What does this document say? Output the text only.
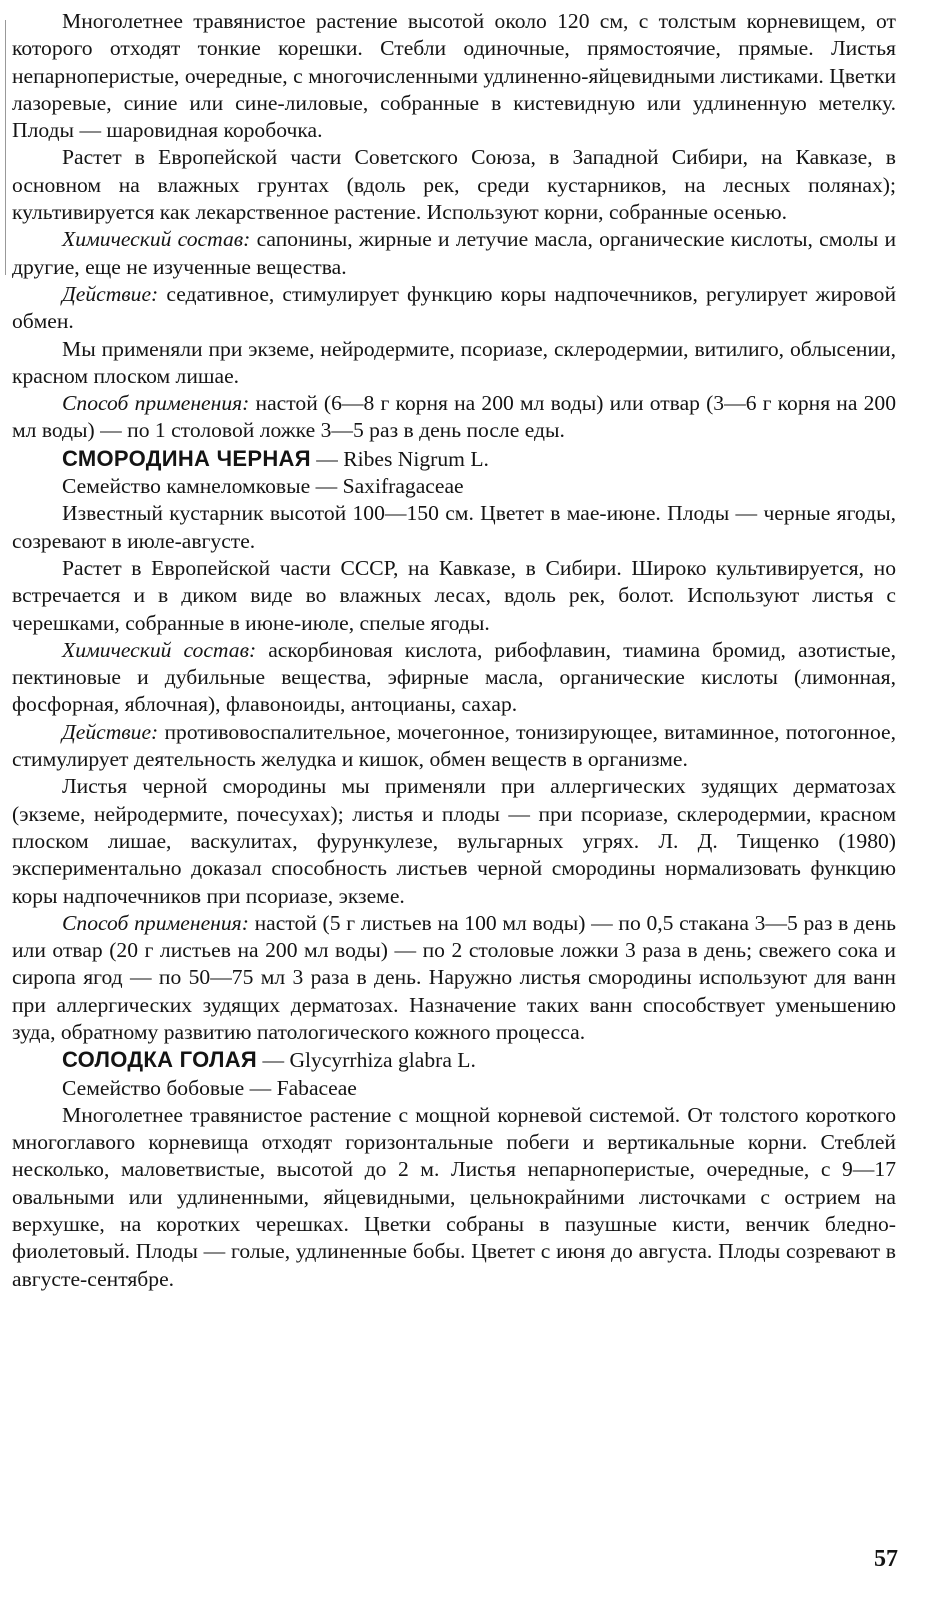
Многолетнее травянистое растение высотой около 120 см, с толстым корневищем, от которого отходят тонкие корешки. Стебли одиночные, прямостоячие, прямые. Листья непарноперистые, очередные, с многочисленными удлиненно-яйцевидными листиками. Цветки лазоревые, синие или сине-лиловые, собранные в кистевидную или удлиненную метелку. Плоды — шаровидная коробочка.

Растет в Европейской части Советского Союза, в Западной Сибири, на Кавказе, в основном на влажных грунтах (вдоль рек, среди кустарников, на лесных полянах); культивируется как лекарственное растение. Используют корни, собранные осенью.

Химический состав: сапонины, жирные и летучие масла, органические кислоты, смолы и другие, еще не изученные вещества.

Действие: седативное, стимулирует функцию коры надпочечников, регулирует жировой обмен.

Мы применяли при экземе, нейродермите, псориазе, склеродермии, витилиго, облысении, красном плоском лишае.

Способ применения: настой (6—8 г корня на 200 мл воды) или отвар (3—6 г корня на 200 мл воды) — по 1 столовой ложке 3—5 раз в день после еды.

СМОРОДИНА ЧЕРНАЯ — Ribes Nigrum L.

Семейство камнеломковые — Saxifragaceae

Известный кустарник высотой 100—150 см. Цветет в мае-июне. Плоды — черные ягоды, созревают в июле-августе.

Растет в Европейской части СССР, на Кавказе, в Сибири. Широко культивируется, но встречается и в диком виде во влажных лесах, вдоль рек, болот. Используют листья с черешками, собранные в июне-июле, спелые ягоды.

Химический состав: аскорбиновая кислота, рибофлавин, тиамина бромид, азотистые, пектиновые и дубильные вещества, эфирные масла, органические кислоты (лимонная, фосфорная, яблочная), флавоноиды, антоцианы, сахар.

Действие: противовоспалительное, мочегонное, тонизирующее, витаминное, потогонное, стимулирует деятельность желудка и кишок, обмен веществ в организме.

Листья черной смородины мы применяли при аллергических зудящих дерматозах (экземе, нейродермите, почесухах); листья и плоды — при псориазе, склеродермии, красном плоском лишае, васкулитах, фурункулезе, вульгарных угрях. Л. Д. Тищенко (1980) экспериментально доказал способность листьев черной смородины нормализовать функцию коры надпочечников при псориазе, экземе.

Способ применения: настой (5 г листьев на 100 мл воды) — по 0,5 стакана 3—5 раз в день или отвар (20 г листьев на 200 мл воды) — по 2 столовые ложки 3 раза в день; свежего сока и сиропа ягод — по 50—75 мл 3 раза в день. Наружно листья смородины используют для ванн при аллергических зудящих дерматозах. Назначение таких ванн способствует уменьшению зуда, обратному развитию патологического кожного процесса.

СОЛОДКА ГОЛАЯ — Glycyrrhiza glabra L.

Семейство бобовые — Fabaceae

Многолетнее травянистое растение с мощной корневой системой. От толстого короткого многоглавого корневища отходят горизонтальные побеги и вертикальные корни. Стеблей несколько, маловетвистые, высотой до 2 м. Листья непарноперистые, очередные, с 9—17 овальными или удлиненными, яйцевидными, цельнокрайними листочками с острием на верхушке, на коротких черешках. Цветки собраны в пазушные кисти, венчик бледно-фиолетовый. Плоды — голые, удлиненные бобы. Цветет с июня до августа. Плоды созревают в августе-сентябре.

57
